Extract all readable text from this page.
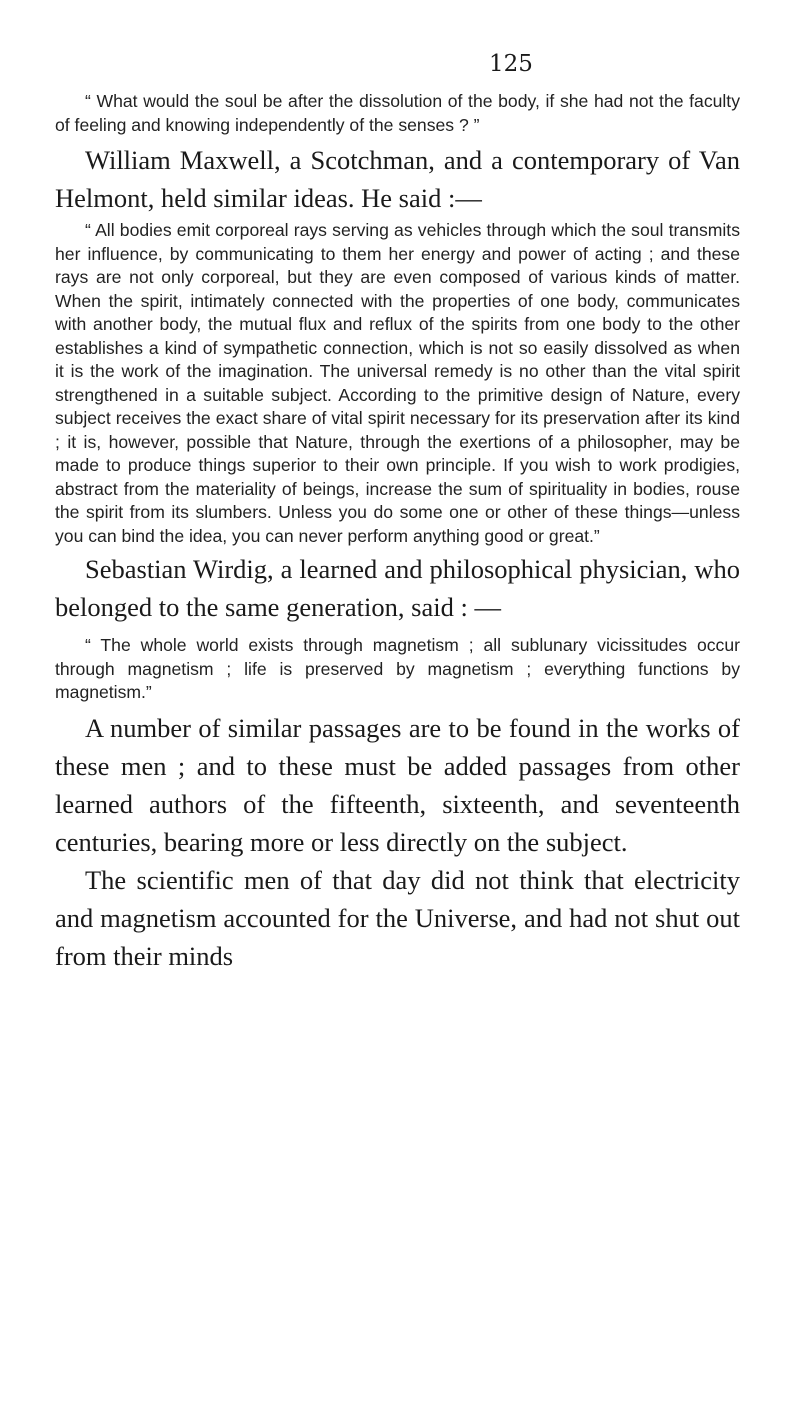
125

“ What would the soul be after the dissolution of the body, if she had not the faculty of feeling and knowing independently of the senses ? ”

William Maxwell, a Scotchman, and a contemporary of Van Helmont, held similar ideas. He said :—

“ All bodies emit corporeal rays serving as vehicles through which the soul transmits her influence, by communicating to them her energy and power of acting ; and these rays are not only corporeal, but they are even composed of various kinds of matter. When the spirit, intimately connected with the properties of one body, communicates with another body, the mutual flux and reflux of the spirits from one body to the other establishes a kind of sympathetic connection, which is not so easily dissolved as when it is the work of the imagination. The universal remedy is no other than the vital spirit strengthened in a suitable subject. According to the primitive design of Nature, every subject receives the exact share of vital spirit necessary for its preservation after its kind ; it is, however, possible that Nature, through the exertions of a philosopher, may be made to produce things superior to their own principle. If you wish to work prodigies, abstract from the materiality of beings, increase the sum of spirituality in bodies, rouse the spirit from its slumbers. Unless you do some one or other of these things—unless you can bind the idea, you can never perform anything good or great.”

Sebastian Wirdig, a learned and philosophical physician, who belonged to the same generation, said : —

“ The whole world exists through magnetism ; all sublunary vicissitudes occur through magnetism ; life is preserved by magnetism ; everything functions by magnetism.”

A number of similar passages are to be found in the works of these men ; and to these must be added passages from other learned authors of the fifteenth, sixteenth, and seventeenth centuries, bearing more or less directly on the subject.

The scientific men of that day did not think that electricity and magnetism accounted for the Universe, and had not shut out from their minds
